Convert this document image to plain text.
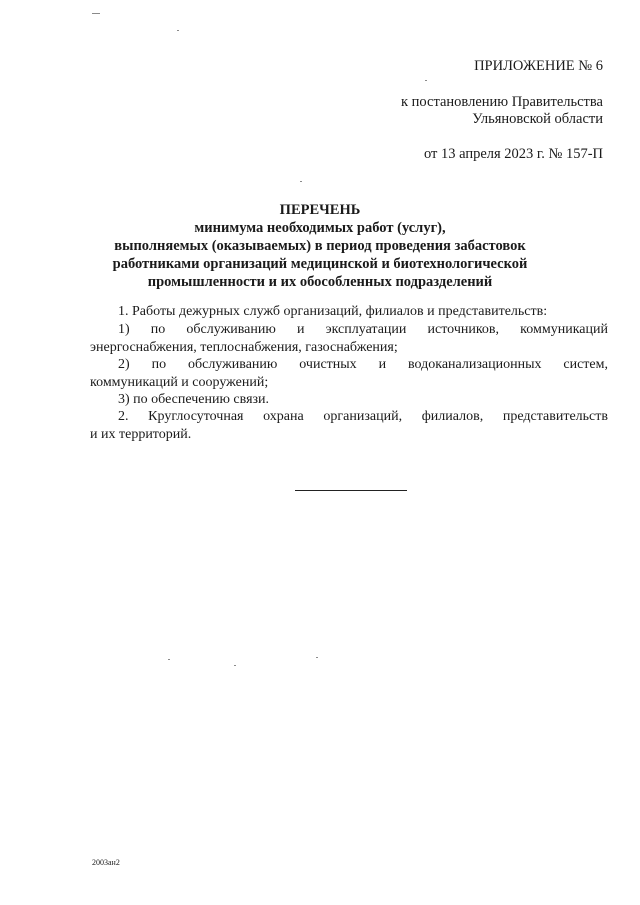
ПРИЛОЖЕНИЕ № 6
к постановлению Правительства
Ульяновской области
от 13 апреля 2023 г. № 157-П
ПЕРЕЧЕНЬ
минимума необходимых работ (услуг),
выполняемых (оказываемых) в период проведения забастовок
работниками организаций медицинской и биотехнологической
промышленности и их обособленных подразделений
1. Работы дежурных служб организаций, филиалов и представительств:
1) по обслуживанию и эксплуатации источников, коммуникаций
энергоснабжения, теплоснабжения, газоснабжения;
2) по обслуживанию очистных и водоканализационных систем,
коммуникаций и сооружений;
3) по обеспечению связи.
2. Круглосуточная охрана организаций, филиалов, представительств
и их территорий.
2003ан2
